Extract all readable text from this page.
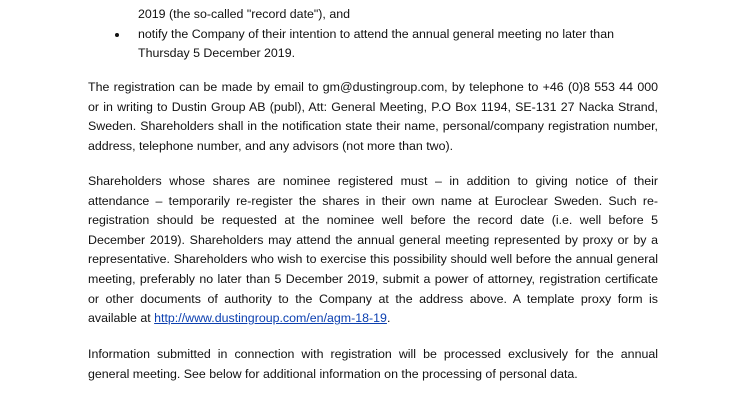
2019 (the so-called "record date"), and
notify the Company of their intention to attend the annual general meeting no later than Thursday 5 December 2019.

The registration can be made by email to gm@dustingroup.com, by telephone to +46 (0)8 553 44 000 or in writing to Dustin Group AB (publ), Att: General Meeting, P.O Box 1194, SE-131 27 Nacka Strand, Sweden. Shareholders shall in the notification state their name, personal/company registration number, address, telephone number, and any advisors (not more than two).

Shareholders whose shares are nominee registered must – in addition to giving notice of their attendance – temporarily re-register the shares in their own name at Euroclear Sweden. Such re-registration should be requested at the nominee well before the record date (i.e. well before 5 December 2019). Shareholders may attend the annual general meeting represented by proxy or by a representative. Shareholders who wish to exercise this possibility should well before the annual general meeting, preferably no later than 5 December 2019, submit a power of attorney, registration certificate or other documents of authority to the Company at the address above. A template proxy form is available at http://www.dustingroup.com/en/agm-18-19.

Information submitted in connection with registration will be processed exclusively for the annual general meeting. See below for additional information on the processing of personal data.
